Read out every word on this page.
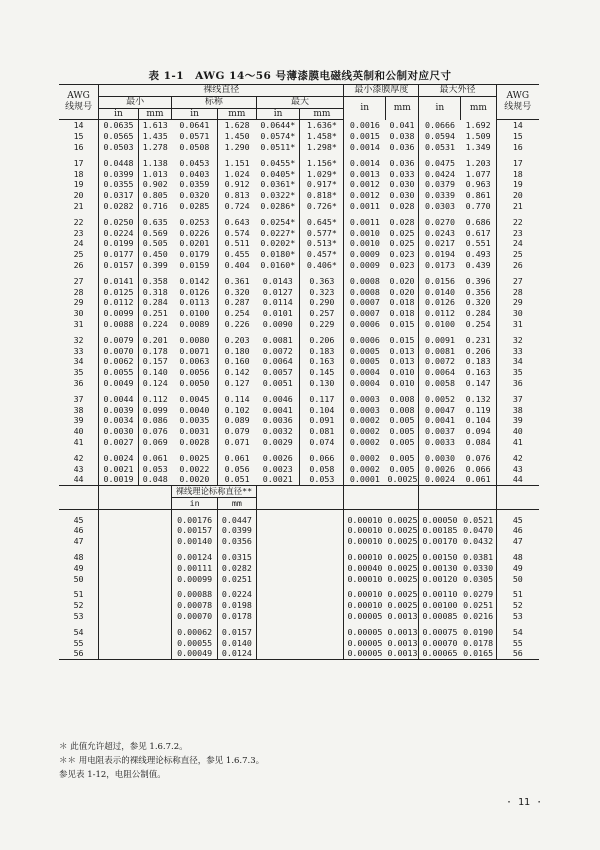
表 1-1　AWG 14～56 号薄漆膜电磁线英制和公制对应尺寸
AWG
线规号	裸线直径						最小漆膜厚度		最大外径		AWG
线规号
	最小		标称		最大		in	mm	in	mm	
	in	mm	in	mm	in	mm					
14	0.0635	1.613	0.0641	1.628	0.0644*	1.636*	0.0016	0.041	0.0666	1.692	14
15	0.0565	1.435	0.0571	1.450	0.0574*	1.458*	0.0015	0.038	0.0594	1.509	15
16	0.0503	1.278	0.0508	1.290	0.0511*	1.298*	0.0014	0.036	0.0531	1.349	16
17	0.0448	1.138	0.0453	1.151	0.0455*	1.156*	0.0014	0.036	0.0475	1.203	17
18	0.0399	1.013	0.0403	1.024	0.0405*	1.029*	0.0013	0.033	0.0424	1.077	18
19	0.0355	0.902	0.0359	0.912	0.0361*	0.917*	0.0012	0.030	0.0379	0.963	19
20	0.0317	0.805	0.0320	0.813	0.0322*	0.818*	0.0012	0.030	0.0339	0.861	20
21	0.0282	0.716	0.0285	0.724	0.0286*	0.726*	0.0011	0.028	0.0303	0.770	21
22	0.0250	0.635	0.0253	0.643	0.0254*	0.645*	0.0011	0.028	0.0270	0.686	22
23	0.0224	0.569	0.0226	0.574	0.0227*	0.577*	0.0010	0.025	0.0243	0.617	23
24	0.0199	0.505	0.0201	0.511	0.0202*	0.513*	0.0010	0.025	0.0217	0.551	24
25	0.0177	0.450	0.0179	0.455	0.0180*	0.457*	0.0009	0.023	0.0194	0.493	25
26	0.0157	0.399	0.0159	0.404	0.0160*	0.406*	0.0009	0.023	0.0173	0.439	26
27	0.0141	0.358	0.0142	0.361	0.0143	0.363	0.0008	0.020	0.0156	0.396	27
28	0.0125	0.318	0.0126	0.320	0.0127	0.323	0.0008	0.020	0.0140	0.356	28
29	0.0112	0.284	0.0113	0.287	0.0114	0.290	0.0007	0.018	0.0126	0.320	29
30	0.0099	0.251	0.0100	0.254	0.0101	0.257	0.0007	0.018	0.0112	0.284	30
31	0.0088	0.224	0.0089	0.226	0.0090	0.229	0.0006	0.015	0.0100	0.254	31
32	0.0079	0.201	0.0080	0.203	0.0081	0.206	0.0006	0.015	0.0091	0.231	32
33	0.0070	0.178	0.0071	0.180	0.0072	0.183	0.0005	0.013	0.0081	0.206	33
34	0.0062	0.157	0.0063	0.160	0.0064	0.163	0.0005	0.013	0.0072	0.183	34
35	0.0055	0.140	0.0056	0.142	0.0057	0.145	0.0004	0.010	0.0064	0.163	35
36	0.0049	0.124	0.0050	0.127	0.0051	0.130	0.0004	0.010	0.0058	0.147	36
37	0.0044	0.112	0.0045	0.114	0.0046	0.117	0.0003	0.008	0.0052	0.132	37
38	0.0039	0.099	0.0040	0.102	0.0041	0.104	0.0003	0.008	0.0047	0.119	38
39	0.0034	0.086	0.0035	0.089	0.0036	0.091	0.0002	0.005	0.0041	0.104	39
40	0.0030	0.076	0.0031	0.079	0.0032	0.081	0.0002	0.005	0.0037	0.094	40
41	0.0027	0.069	0.0028	0.071	0.0029	0.074	0.0002	0.005	0.0033	0.084	41
42	0.0024	0.061	0.0025	0.061	0.0026	0.066	0.0002	0.005	0.0030	0.076	42
43	0.0021	0.053	0.0022	0.056	0.0023	0.058	0.0002	0.005	0.0026	0.066	43
44	0.0019	0.048	0.0020	0.051	0.0021	0.053	0.0001	0.0025	0.0024	0.061	44
			裸线理论标称直径**								
			in	mm							
45			0.00176	0.0447			0.00010	0.0025	0.00050	0.0521	45
46			0.00157	0.0399			0.00010	0.0025	0.00185	0.0470	46
47			0.00140	0.0356			0.00010	0.0025	0.00170	0.0432	47
48			0.00124	0.0315			0.00010	0.0025	0.00150	0.0381	48
49			0.00111	0.0282			0.00040	0.0025	0.00130	0.0330	49
50			0.00099	0.0251			0.00010	0.0025	0.00120	0.0305	50
51			0.00088	0.0224			0.00010	0.0025	0.00110	0.0279	51
52			0.00078	0.0198			0.00010	0.0025	0.00100	0.0251	52
53			0.00070	0.0178			0.00005	0.0013	0.00085	0.0216	53
54			0.00062	0.0157			0.00005	0.0013	0.00075	0.0190	54
55			0.00055	0.0140			0.00005	0.0013	0.00070	0.0178	55
56			0.00049	0.0124			0.00005	0.0013	0.00065	0.0165	56
＊ 此值允许超过，参见 1.6.7.2。
＊＊ 用电阻表示的裸线理论标称直径，参见 1.6.7.3。
参见表 1-12，电阻公制值。
· 11 ·
